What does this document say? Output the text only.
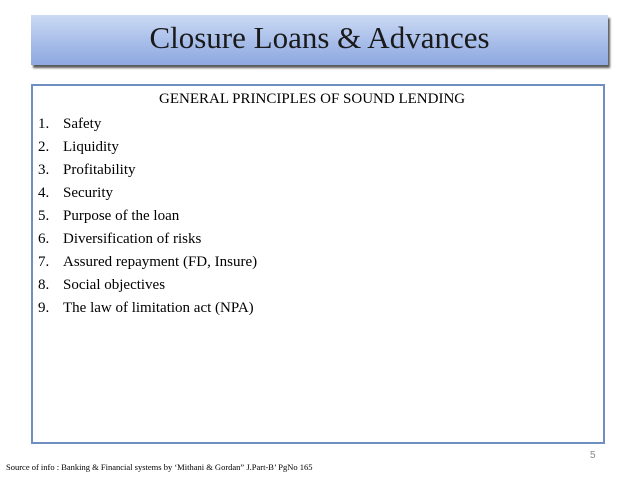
Closure Loans & Advances
GENERAL PRINCIPLES OF SOUND LENDING
1. Safety
2. Liquidity
3. Profitability
4. Security
5. Purpose of the loan
6. Diversification of risks
7. Assured repayment (FD, Insure)
8. Social objectives
9. The law of limitation act (NPA)
5
Source of info : Banking & Financial systems by ‘Mithani & Gordan” J.Part-B’ PgNo 165
